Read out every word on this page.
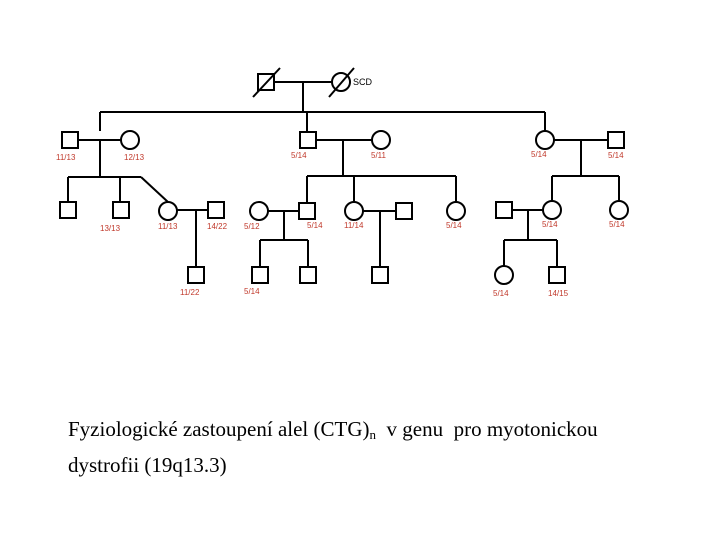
SCD
11/13	12/13	5/14	5/11	5/14	5/14
13/13	11/13	14/22 5/12	5/14	11/14	5/14	5/14	5/14
11/22	5/14	5/14	14/15
Fyziologické zastoupení alel $(CTG)_n$  v genu  pro myotonickou
dystrofii (19q13.3)
